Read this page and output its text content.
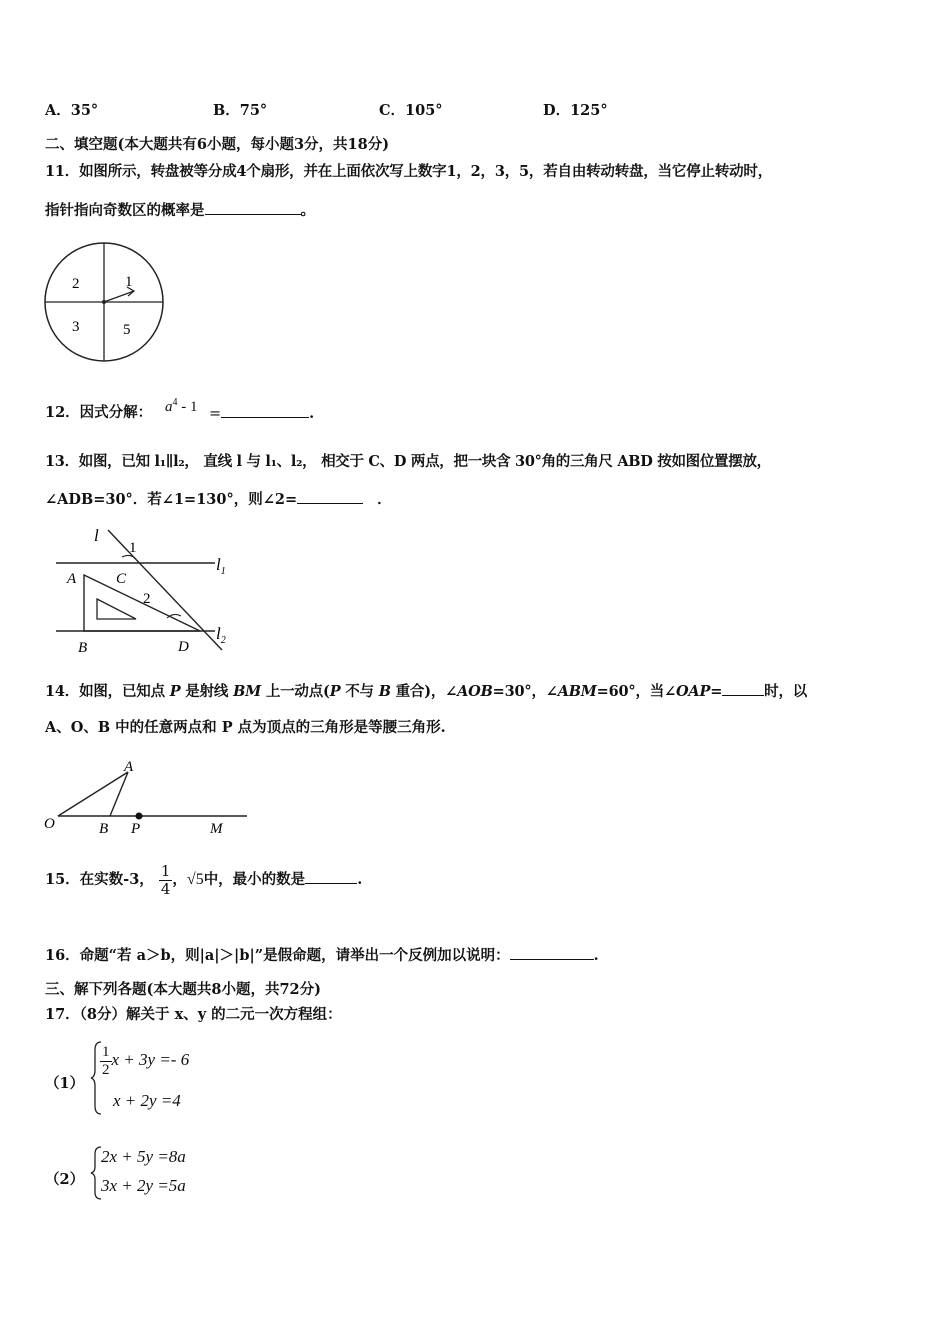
A．35°	B．75°	C．105°	D．125°
二、填空题(本大题共有6小题，每小题3分，共18分)
11．如图所示，转盘被等分成4个扇形，并在上面依次写上数字1，2，3，5，若自由转动转盘，当它停止转动时，
指针指向奇数区的概率是	。
2	1
3	5
12．因式分解： $a^4 - 1$ =	.
13．如图，已知 l₁∥l₂， 直线 l 与 l₁、l₂， 相交于 C、D 两点，把一块含 30°角的三角尺 ABD 按如图位置摆放，
∠ADB=30°．若∠1=130°，则∠2=	．
l
1
$l_1$
A	C
2
B	D
$l_2$
14．如图，已知点 P 是射线 BM 上一动点(P 不与 B 重合)，∠AOB=30°，∠ABM=60°，当∠OAP=	时，以
A、O、B 中的任意两点和 P 点为顶点的三角形是等腰三角形.
O
A
B P	M
15．在实数-3， $\frac{1}{4}$ ，√5中，最小的数是	.
16．命题“若 a＞b，则|a|＞|b|”是假命题，请举出一个反例加以说明：	.
三、解下列各题(本大题共8小题，共72分)
17．（8分）解关于 x、y 的二元一次方程组：
（1）
$\frac{1}{2}$ x + 3y =- 6
x + 2y =4
（2）
2x + 5y =8a
3x + 2y =5a
